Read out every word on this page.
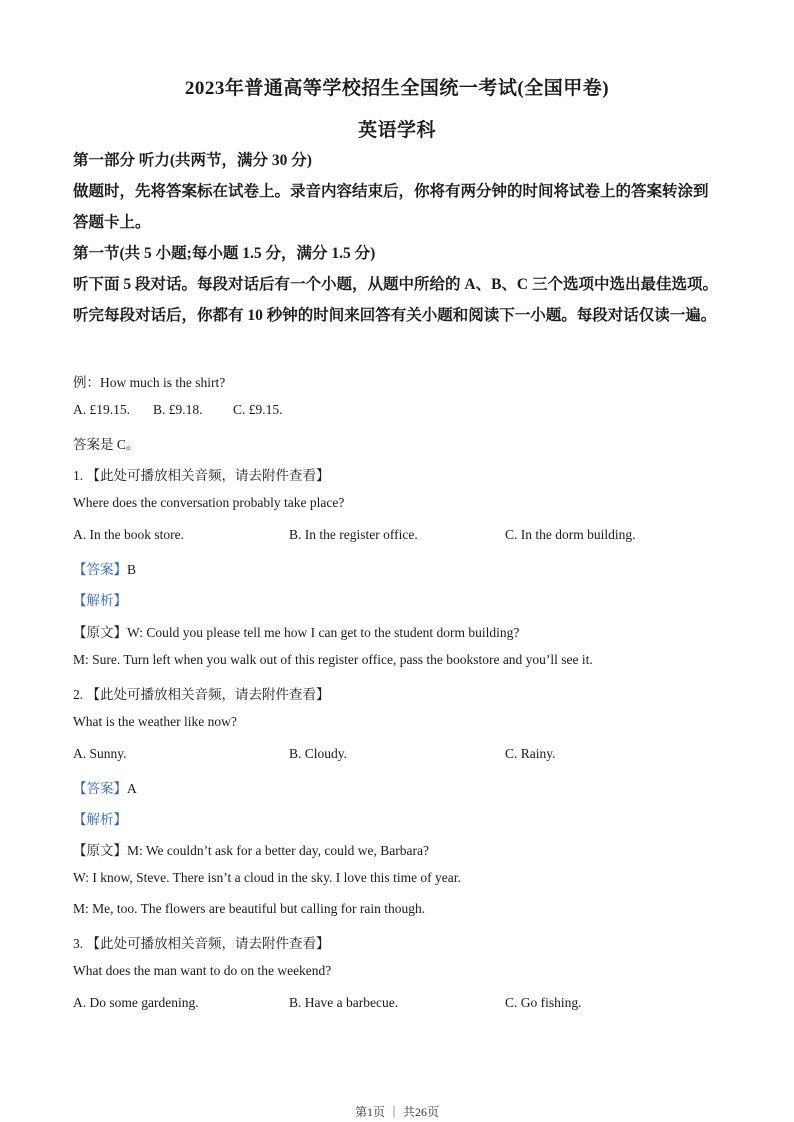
2023年普通高等学校招生全国统一考试(全国甲卷)
英语学科
第一部分 听力(共两节，满分 30 分)
做题时，先将答案标在试卷上。录音内容结束后，你将有两分钟的时间将试卷上的答案转涂到答题卡上。
第一节(共 5 小题;每小题 1.5 分，满分 1.5 分)
听下面 5 段对话。每段对话后有一个小题，从题中所给的 A、B、C 三个选项中选出最佳选项。听完每段对话后，你都有 10 秒钟的时间来回答有关小题和阅读下一小题。每段对话仅读一遍。
例：How much is the shirt?
A. £19.15. B. £9.18. C. £9.15.
答案是 C。
1. 【此处可播放相关音频，请去附件查看】
Where does the conversation probably take place?
A. In the book store.	B. In the register office.	C. In the dorm building.
【答案】B
【解析】
【原文】W: Could you please tell me how I can get to the student dorm building?
M: Sure. Turn left when you walk out of this register office, pass the bookstore and you’ll see it.
2. 【此处可播放相关音频，请去附件查看】
What is the weather like now?
A. Sunny.	B. Cloudy.	C. Rainy.
【答案】A
【解析】
【原文】M: We couldn’t ask for a better day, could we, Barbara?
W: I know, Steve. There isn’t a cloud in the sky. I love this time of year.
M: Me, too. The flowers are beautiful but calling for rain though.
3. 【此处可播放相关音频，请去附件查看】
What does the man want to do on the weekend?
A. Do some gardening.	B. Have a barbecue.	C. Go fishing.
第1页 ｜ 共26页
